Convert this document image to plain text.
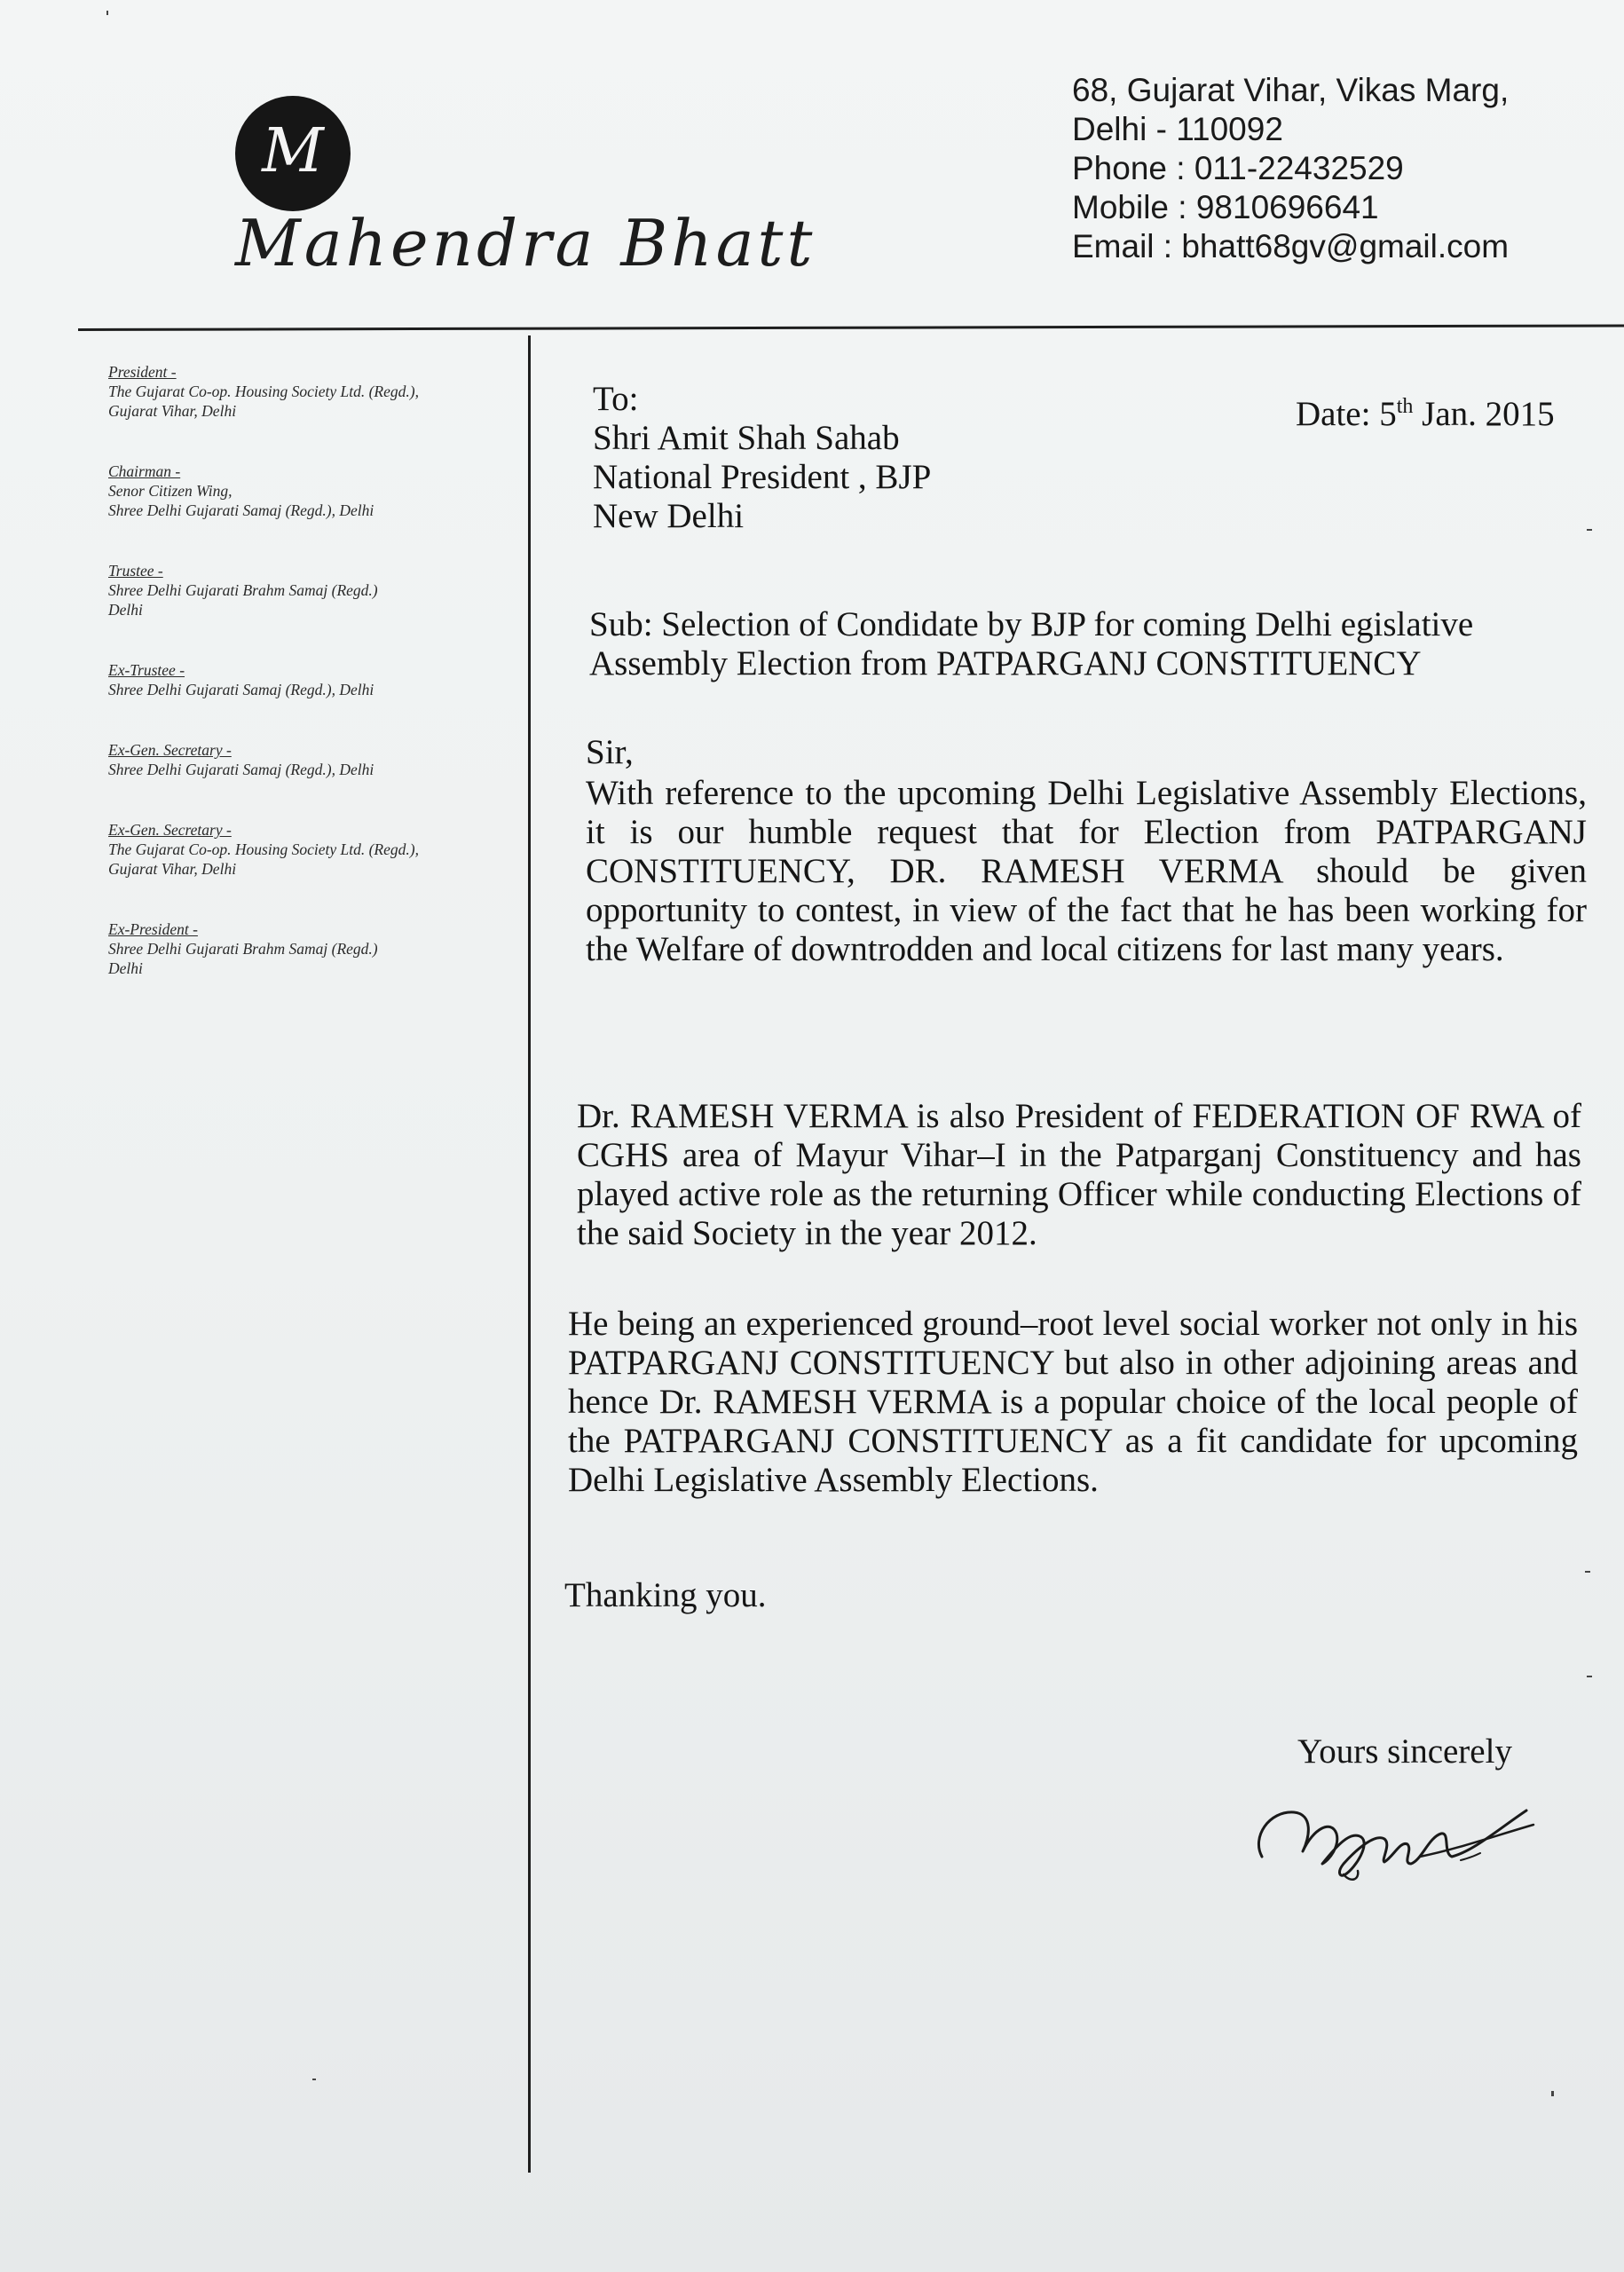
M
Mahendra Bhatt
68, Gujarat Vihar, Vikas Marg,
Delhi - 110092
Phone : 011-22432529
Mobile : 9810696641
Email : bhatt68gv@gmail.com
President -
The Gujarat Co-op. Housing Society Ltd. (Regd.),
Gujarat Vihar, Delhi
Chairman -
Senor Citizen Wing,
Shree Delhi Gujarati Samaj (Regd.), Delhi
Trustee -
Shree Delhi Gujarati Brahm Samaj (Regd.)
Delhi
Ex-Trustee -
Shree Delhi Gujarati Samaj (Regd.), Delhi
Ex-Gen. Secretary -
Shree Delhi Gujarati Samaj (Regd.), Delhi
Ex-Gen. Secretary -
The Gujarat Co-op. Housing Society Ltd. (Regd.),
Gujarat Vihar, Delhi
Ex-President -
Shree Delhi Gujarati Brahm Samaj (Regd.)
Delhi
To:
Shri Amit Shah Sahab
National President , BJP
New Delhi
Date: 5th Jan. 2015
Sub: Selection of Condidate by BJP for coming Delhi egislative
Assembly Election from PATPARGANJ CONSTITUENCY
Sir,
With reference to the upcoming Delhi Legislative Assembly Elections, it is our humble request that for Election from PATPARGANJ CONSTITUENCY, DR. RAMESH VERMA should be given opportunity to contest, in view of the fact that he has been working for the Welfare of downtrodden and local citizens for last many years.
Dr. RAMESH VERMA is also President of FEDERATION OF RWA of CGHS area of Mayur Vihar–I in the Patparganj Constituency and has played active role as the returning Officer while conducting Elections of the said Society in the year 2012.
He being an experienced ground–root level social worker not only in his PATPARGANJ CONSTITUENCY but also in other adjoining areas and hence Dr. RAMESH VERMA is a popular choice of the local people of the PATPARGANJ CONSTITUENCY as a fit candidate for upcoming Delhi Legislative Assembly Elections.
Thanking you.
Yours sincerely
